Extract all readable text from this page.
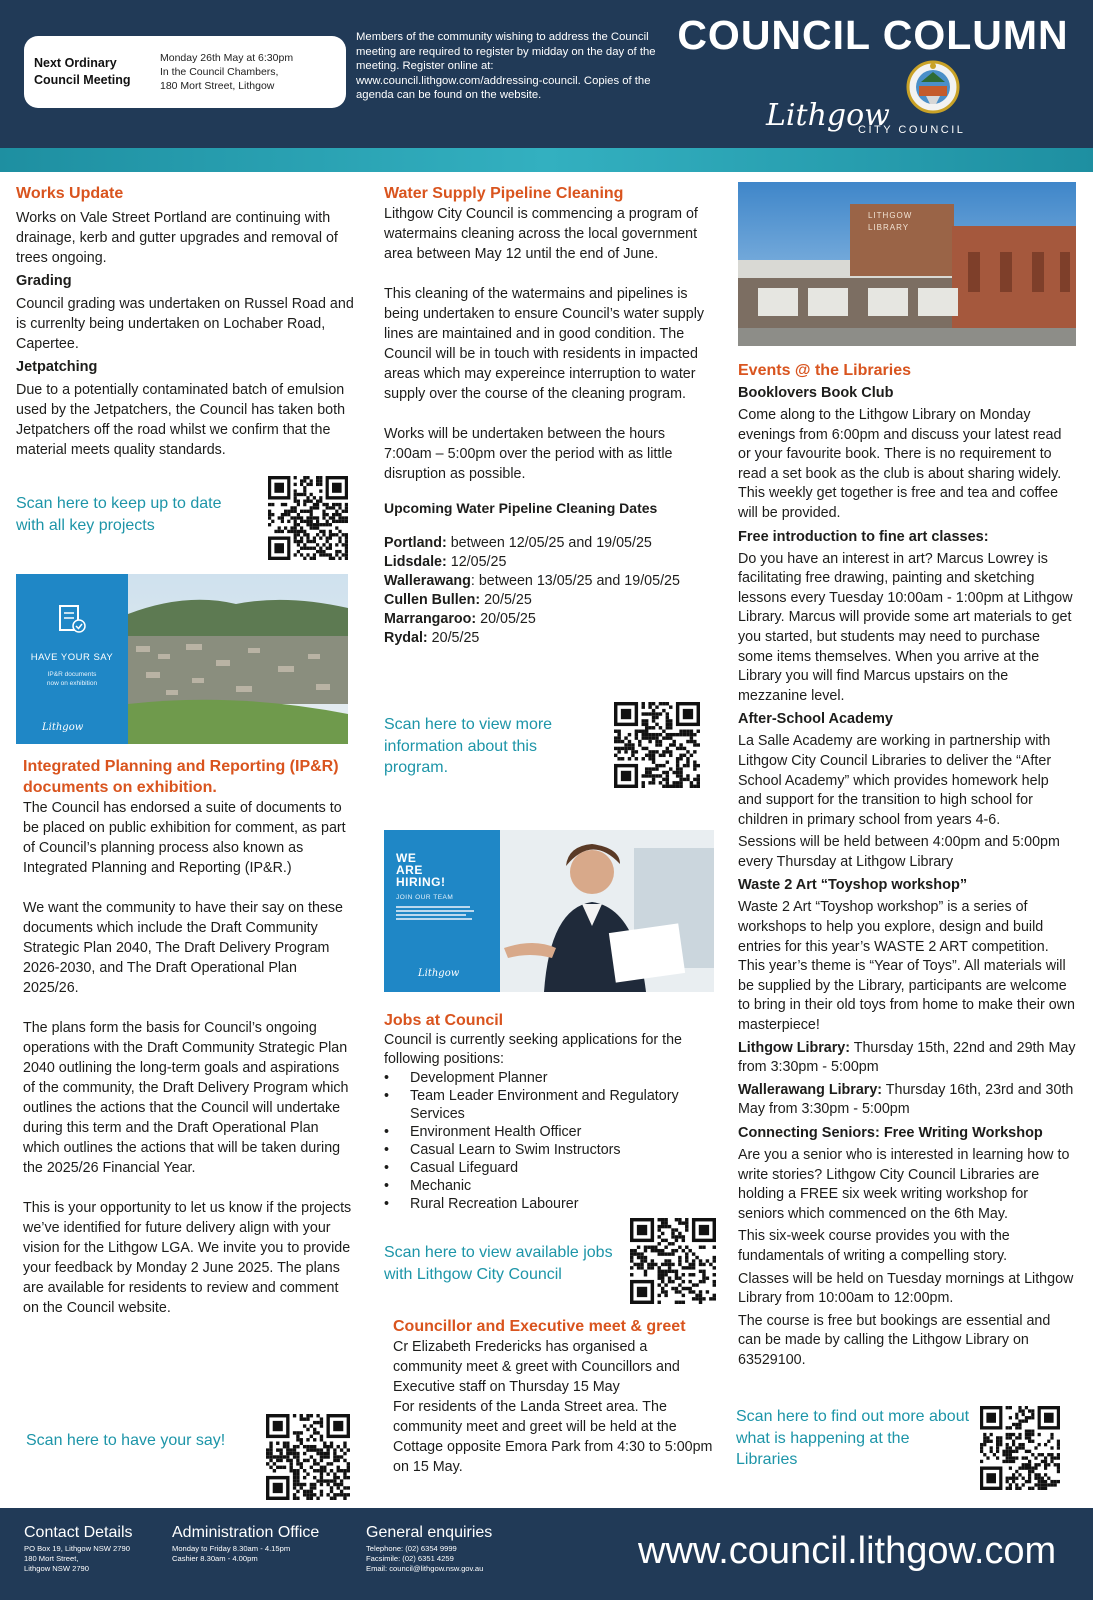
Next Ordinary
Council Meeting
Monday 26th May at 6:30pm
In the Council Chambers,
180 Mort Street, Lithgow
Members of the community wishing to address the Council meeting are required to register by midday on the day of the meeting. Register online at: www.council.lithgow.com/addressing-council. Copies of the agenda can be found on the website.
COUNCIL COLUMN
Lithgow
CITY COUNCIL
Works Update
Works on Vale Street Portland are continuing with drainage, kerb and gutter upgrades and removal of trees ongoing.
Grading
Council grading was undertaken on Russel Road and is currenlty being undertaken on Lochaber Road, Capertee.
Jetpatching
Due to a potentially contaminated batch of emulsion used by the Jetpatchers, the Council has taken both Jetpatchers off the road whilst we confirm that the material meets quality standards.
Scan here to keep up to date with all key projects
HAVE YOUR SAY
IP&R documents
now on exhibition
Lithgow
Integrated Planning and Reporting (IP&R) documents on exhibition.
The Council has endorsed a suite of documents to be placed on public exhibition for comment, as part of Council’s planning process also known as Integrated Planning and Reporting (IP&R.)
We want the community to have their say on these documents which include the Draft Community Strategic Plan 2040, The Draft Delivery Program 2026-2030, and The Draft Operational Plan 2025/26.
The plans form the basis for Council’s ongoing operations with the Draft Community Strategic Plan 2040 outlining the long-term goals and aspirations of the community, the Draft Delivery Program which outlines the actions that the Council will undertake during this term and the Draft Operational Plan which outlines the actions that will be taken during the 2025/26 Financial Year.
This is your opportunity to let us know if the projects we’ve identified for future delivery align with your vision for the Lithgow LGA. We invite you to provide your feedback by Monday 2 June 2025. The plans are available for residents to review and comment on the Council website.
Scan here to have your say!
Water Supply Pipeline Cleaning
Lithgow City Council is commencing a program of watermains cleaning across the local government area between May 12 until the end of June.
This cleaning of the watermains and pipelines is being undertaken to ensure Council’s water supply lines are maintained and in good condition. The Council will be in touch with residents in impacted areas which may expereince interruption to water supply over the course of the cleaning program.
Works will be undertaken between the hours 7:00am – 5:00pm over the period with as little disruption as possible.
Upcoming Water Pipeline Cleaning Dates
Portland: between 12/05/25 and 19/05/25
Lidsdale: 12/05/25
Wallerawang: between 13/05/25 and 19/05/25
Cullen Bullen: 20/5/25
Marrangaroo: 20/05/25
Rydal: 20/5/25
Scan here to view more information about this program.
WE
ARE
HIRING!
JOIN OUR TEAM
Lithgow
Jobs at Council
Council is currently seeking applications for the following positions:
• Development Planner
• Team Leader Environment and Regulatory Services
• Environment Health Officer
• Casual Learn to Swim Instructors
• Casual Lifeguard
• Mechanic
• Rural Recreation Labourer
Scan here to view available jobs with Lithgow City Council
Councillor and Executive meet & greet
Cr Elizabeth Fredericks has organised a community meet & greet with Councillors and Executive staff on Thursday 15 May
For residents of the Landa Street area. The community meet and greet will be held at the Cottage opposite Emora Park from 4:30 to 5:00pm on 15 May.
LITHGOW LIBRARY
Events @ the Libraries
Booklovers Book Club
Come along to the Lithgow Library on Monday evenings from 6:00pm and discuss your latest read or your favourite book. There is no requirement to read a set book as the club is about sharing widely. This weekly get together is free and tea and coffee will be provided.
Free introduction to fine art classes:
Do you have an interest in art? Marcus Lowrey is facilitating free drawing, painting and sketching lessons every Tuesday 10:00am - 1:00pm at Lithgow Library. Marcus will provide some art materials to get you started, but students may need to purchase some items themselves. When you arrive at the Library you will find Marcus upstairs on the mezzanine level.
After-School Academy
La Salle Academy are working in partnership with Lithgow City Council Libraries to deliver the “After School Academy” which provides homework help and support for the transition to high school for children in primary school from years 4-6.
Sessions will be held between 4:00pm and 5:00pm every Thursday at Lithgow Library
Waste 2 Art “Toyshop workshop”
Waste 2 Art “Toyshop workshop” is a series of workshops to help you explore, design and build entries for this year’s WASTE 2 ART competition. This year’s theme is “Year of Toys”. All materials will be supplied by the Library, participants are welcome to bring in their old toys from home to make their own masterpiece!
Lithgow Library: Thursday 15th, 22nd and 29th May from 3:30pm - 5:00pm
Wallerawang Library: Thursday 16th, 23rd and 30th May from 3:30pm - 5:00pm
Connecting Seniors: Free Writing Workshop
Are you a senior who is interested in learning how to write stories? Lithgow City Council Libraries are holding a FREE six week writing workshop for seniors which commenced on the 6th May.
This six-week course provides you with the fundamentals of writing a compelling story.
Classes will be held on Tuesday mornings at Lithgow Library from 10:00am to 12:00pm.
The course is free but bookings are essential and can be made by calling the Lithgow Library on 63529100.
Scan here to find out more about what is happening at the Libraries
Contact Details
PO Box 19, Lithgow NSW 2790
180 Mort Street,
Lithgow NSW 2790
Administration Office
Monday to Friday 8.30am - 4.15pm
Cashier 8.30am - 4.00pm
General enquiries
Telephone: (02) 6354 9999
Facsimile: (02) 6351 4259
Email: council@lithgow.nsw.gov.au	www.council.lithgow.com
